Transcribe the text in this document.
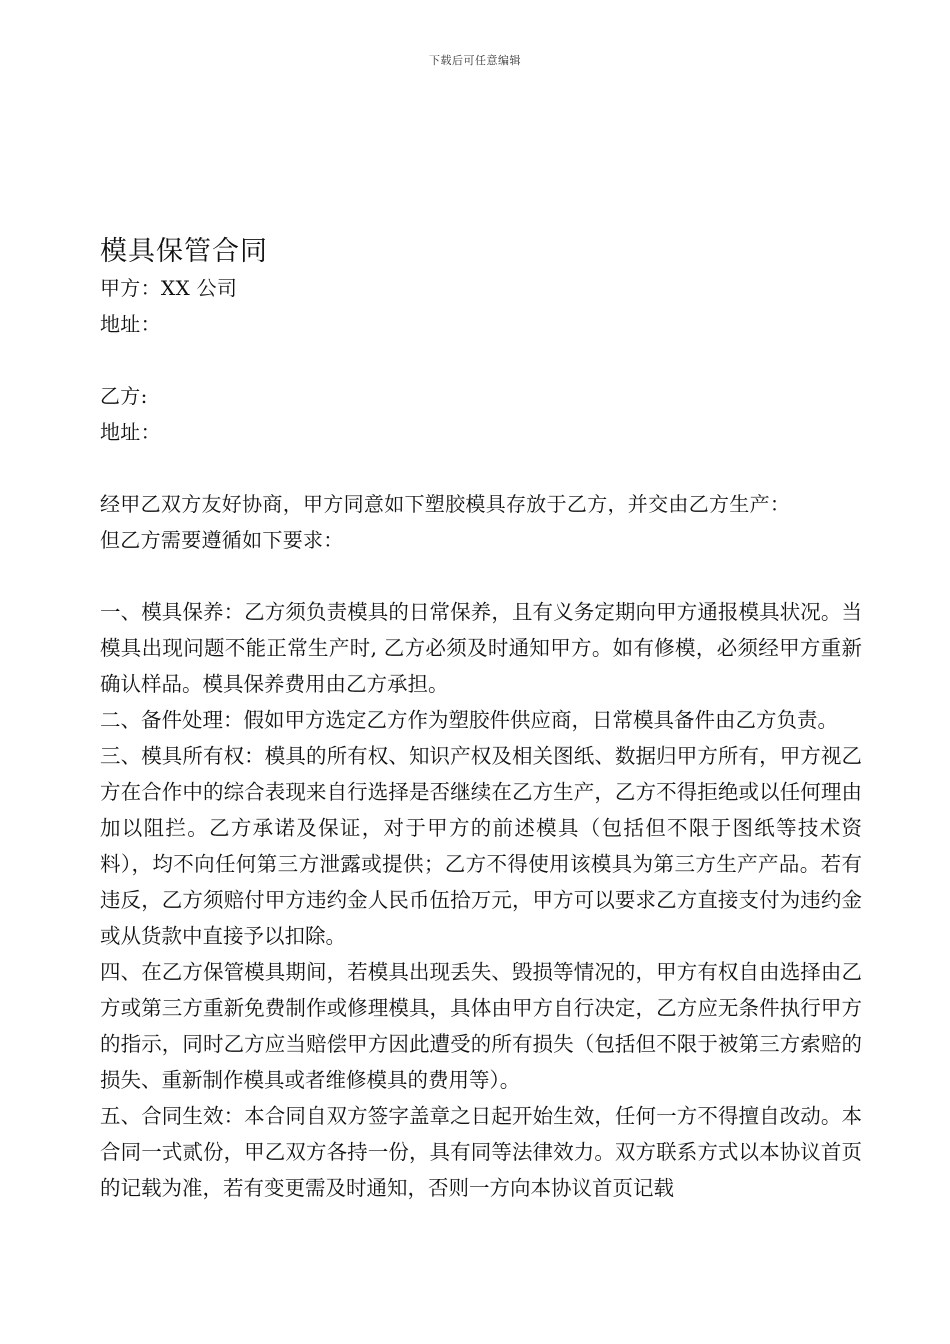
下载后可任意编辑
模具保管合同

甲方：XX 公司

地址：

乙方:

地址：

经甲乙双方友好协商，甲方同意如下塑胶模具存放于乙方，并交由乙方生产：

但乙方需要遵循如下要求：

一、模具保养：乙方须负责模具的日常保养，且有义务定期向甲方通报模具状况。当模具出现问题不能正常生产时, 乙方必须及时通知甲方。如有修模，必须经甲方重新确认样品。模具保养费用由乙方承担。

二、备件处理：假如甲方选定乙方作为塑胶件供应商，日常模具备件由乙方负责。

三、模具所有权：模具的所有权、知识产权及相关图纸、数据归甲方所有，甲方视乙方在合作中的综合表现来自行选择是否继续在乙方生产，乙方不得拒绝或以任何理由加以阻拦。乙方承诺及保证，对于甲方的前述模具（包括但不限于图纸等技术资料），均不向任何第三方泄露或提供；乙方不得使用该模具为第三方生产产品。若有违反，乙方须赔付甲方违约金人民币伍拾万元，甲方可以要求乙方直接支付为违约金或从货款中直接予以扣除。

四、在乙方保管模具期间，若模具出现丢失、毁损等情况的，甲方有权自由选择由乙方或第三方重新免费制作或修理模具，具体由甲方自行决定，乙方应无条件执行甲方的指示，同时乙方应当赔偿甲方因此遭受的所有损失（包括但不限于被第三方索赔的损失、重新制作模具或者维修模具的费用等）。

五、合同生效：本合同自双方签字盖章之日起开始生效，任何一方不得擅自改动。本合同一式贰份，甲乙双方各持一份，具有同等法律效力。双方联系方式以本协议首页的记载为准，若有变更需及时通知，否则一方向本协议首页记载
